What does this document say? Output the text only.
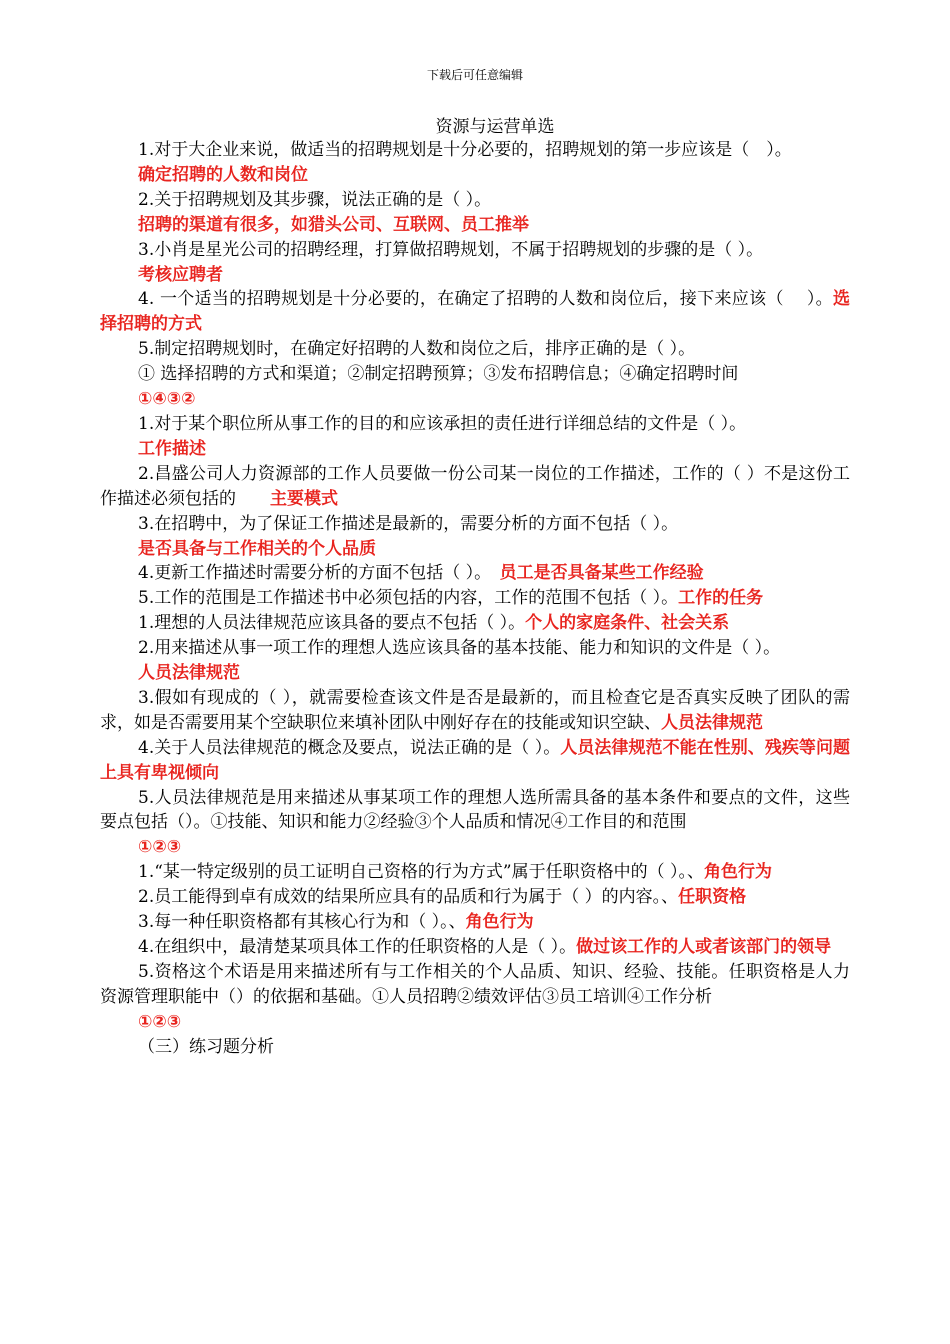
下载后可任意编辑
资源与运营单选
1.对于大企业来说，做适当的招聘规划是十分必要的，招聘规划的第一步应该是（　）。
确定招聘的人数和岗位
2.关于招聘规划及其步骤，说法正确的是（ ）。
招聘的渠道有很多，如猎头公司、互联网、员工推举
3.小肖是星光公司的招聘经理，打算做招聘规划，不属于招聘规划的步骤的是（ ）。
考核应聘者
4. 一个适当的招聘规划是十分必要的，在确定了招聘的人数和岗位后，接下来应该（　 ）。选择招聘的方式
5.制定招聘规划时，在确定好招聘的人数和岗位之后，排序正确的是（ ）。
① 选择招聘的方式和渠道；②制定招聘预算；③发布招聘信息；④确定招聘时间
①④③②
1.对于某个职位所从事工作的目的和应该承担的责任进行详细总结的文件是（ ）。
工作描述
2.昌盛公司人力资源部的工作人员要做一份公司某一岗位的工作描述，工作的（ ）不是这份工作描述必须包括的　　主要模式
3.在招聘中，为了保证工作描述是最新的，需要分析的方面不包括（ ）。
是否具备与工作相关的个人品质
4.更新工作描述时需要分析的方面不包括（ ）。　员工是否具备某些工作经验
5.工作的范围是工作描述书中必须包括的内容，工作的范围不包括（ ）。工作的任务
1.理想的人员法律规范应该具备的要点不包括（ ）。个人的家庭条件、社会关系
2.用来描述从事一项工作的理想人选应该具备的基本技能、能力和知识的文件是（ ）。
人员法律规范
3.假如有现成的（ ），就需要检查该文件是否是最新的，而且检查它是否真实反映了团队的需求，如是否需要用某个空缺职位来填补团队中刚好存在的技能或知识空缺、人员法律规范
4.关于人员法律规范的概念及要点，说法正确的是（ ）。人员法律规范不能在性别、残疾等问题上具有卑视倾向
5.人员法律规范是用来描述从事某项工作的理想人选所需具备的基本条件和要点的文件，这些要点包括（）。①技能、知识和能力②经验③个人品质和情况④工作目的和范围
①②③
1.“某一特定级别的员工证明自己资格的行为方式”属于任职资格中的（ ）。、角色行为
2.员工能得到卓有成效的结果所应具有的品质和行为属于（ ）的内容。、任职资格
3.每一种任职资格都有其核心行为和（ ）。、角色行为
4.在组织中，最清楚某项具体工作的任职资格的人是（ ）。做过该工作的人或者该部门的领导
5.资格这个术语是用来描述所有与工作相关的个人品质、知识、经验、技能。任职资格是人力资源管理职能中（）的依据和基础。①人员招聘②绩效评估③员工培训④工作分析
①②③
（三）练习题分析
